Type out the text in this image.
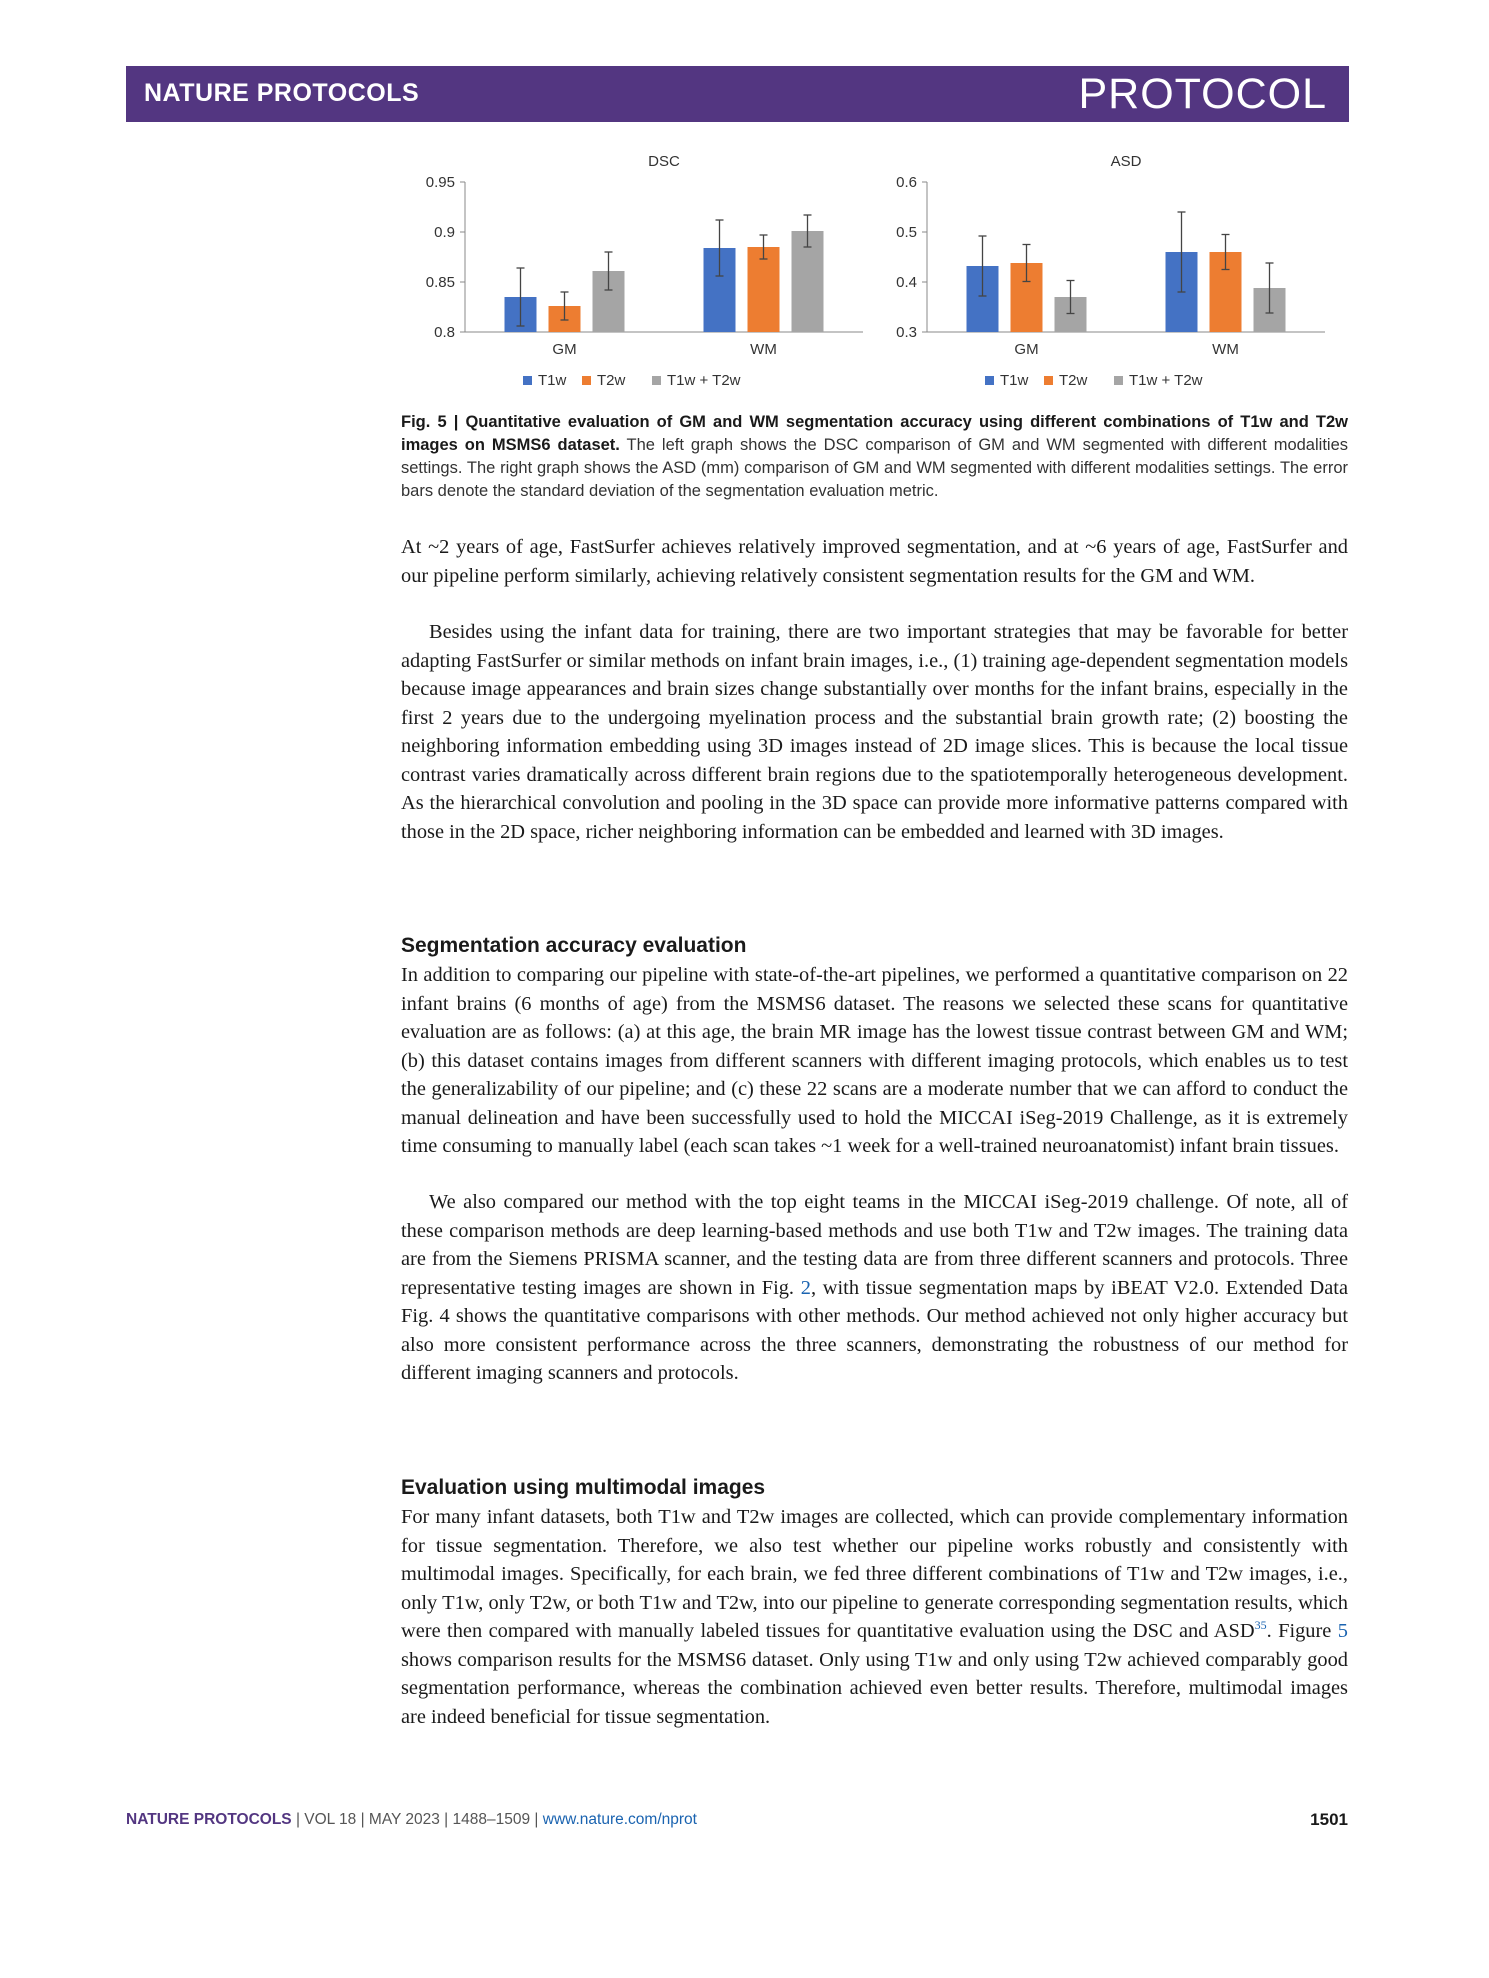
NATURE PROTOCOLS	PROTOCOL
DSC
0.8
0.85
0.9
0.95
GM	WM
T1w T2w	T1w + T2w
ASD
0.3
0.4
0.5
0.6
GM	WM
T1w T2w	T1w + T2w
Fig. 5 | Quantitative evaluation of GM and WM segmentation accuracy using different combinations of T1w and T2w images on MSMS6 dataset. The left graph shows the DSC comparison of GM and WM segmented with different modalities settings. The right graph shows the ASD (mm) comparison of GM and WM segmented with different modalities settings. The error bars denote the standard deviation of the segmentation evaluation metric.

At ~2 years of age, FastSurfer achieves relatively improved segmentation, and at ~6 years of age, FastSurfer and our pipeline perform similarly, achieving relatively consistent segmentation results for the GM and WM.

Besides using the infant data for training, there are two important strategies that may be favorable for better adapting FastSurfer or similar methods on infant brain images, i.e., (1) training age-dependent segmentation models because image appearances and brain sizes change substantially over months for the infant brains, especially in the first 2 years due to the undergoing myelination process and the substantial brain growth rate; (2) boosting the neighboring information embedding using 3D images instead of 2D image slices. This is because the local tissue contrast varies dramatically across different brain regions due to the spatiotemporally heterogeneous development. As the hierarchical convolution and pooling in the 3D space can provide more informative patterns compared with those in the 2D space, richer neighboring information can be embedded and learned with 3D images.

Segmentation accuracy evaluation

In addition to comparing our pipeline with state-of-the-art pipelines, we performed a quantitative comparison on 22 infant brains (6 months of age) from the MSMS6 dataset. The reasons we selected these scans for quantitative evaluation are as follows: (a) at this age, the brain MR image has the lowest tissue contrast between GM and WM; (b) this dataset contains images from different scanners with different imaging protocols, which enables us to test the generalizability of our pipeline; and (c) these 22 scans are a moderate number that we can afford to conduct the manual delineation and have been successfully used to hold the MICCAI iSeg-2019 Challenge, as it is extremely time consuming to manually label (each scan takes ~1 week for a well-trained neuroanatomist) infant brain tissues.

We also compared our method with the top eight teams in the MICCAI iSeg-2019 challenge. Of note, all of these comparison methods are deep learning-based methods and use both T1w and T2w images. The training data are from the Siemens PRISMA scanner, and the testing data are from three different scanners and protocols. Three representative testing images are shown in Fig. 2, with tissue segmentation maps by iBEAT V2.0. Extended Data Fig. 4 shows the quantitative comparisons with other methods. Our method achieved not only higher accuracy but also more consistent performance across the three scanners, demonstrating the robustness of our method for different imaging scanners and protocols.

Evaluation using multimodal images

For many infant datasets, both T1w and T2w images are collected, which can provide complementary information for tissue segmentation. Therefore, we also test whether our pipeline works robustly and consistently with multimodal images. Specifically, for each brain, we fed three different combinations of T1w and T2w images, i.e., only T1w, only T2w, or both T1w and T2w, into our pipeline to generate corresponding segmentation results, which were then compared with manually labeled tissues for quantitative evaluation using the DSC and ASD$^{35}$. Figure 5 shows comparison results for the MSMS6 dataset. Only using T1w and only using T2w achieved comparably good segmentation performance, whereas the combination achieved even better results. Therefore, multimodal images are indeed beneficial for tissue segmentation.

NATURE PROTOCOLS | VOL 18 | MAY 2023 | 1488–1509 | www.nature.com/nprot	1501
